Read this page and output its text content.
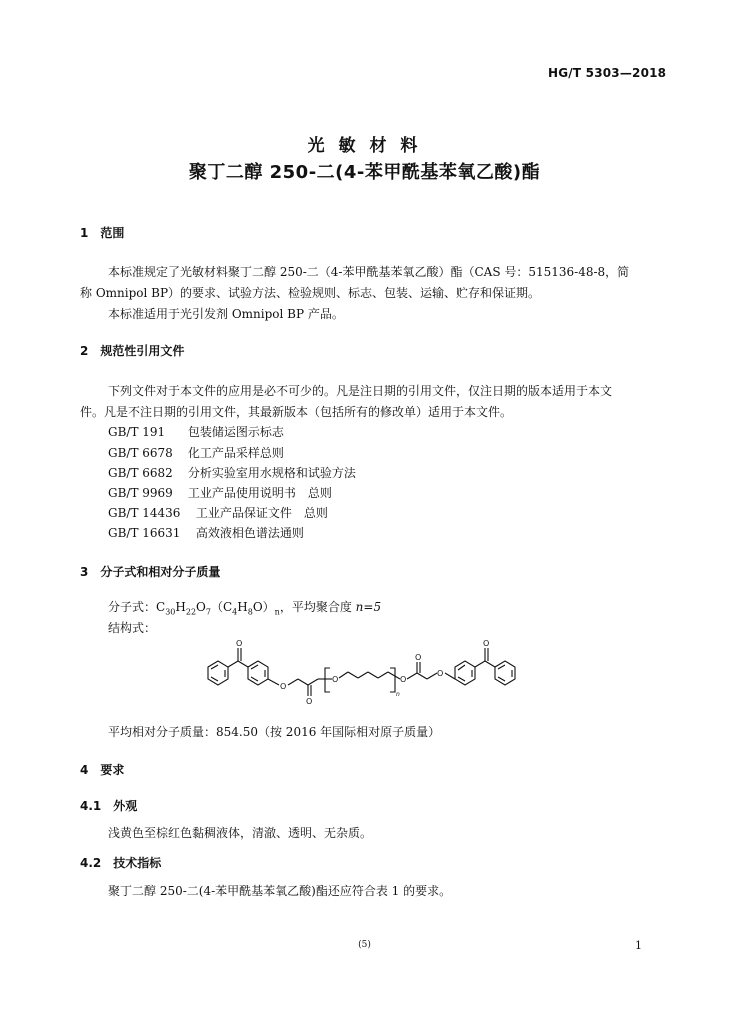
HG/T 5303—2018
光 敏 材 料
聚丁二醇 250-二(4-苯甲酰基苯氧乙酸)酯
1　范围
本标准规定了光敏材料聚丁二醇 250-二（4-苯甲酰基苯氧乙酸）酯（CAS 号：515136-48-8，简
称 Omnipol BP）的要求、试验方法、检验规则、标志、包装、运输、贮存和保证期。
本标准适用于光引发剂 Omnipol BP 产品。
2　规范性引用文件
下列文件对于本文件的应用是必不可少的。凡是注日期的引用文件，仅注日期的版本适用于本文
件。凡是不注日期的引用文件，其最新版本（包括所有的修改单）适用于本文件。
GB/T 191 包装储运图示标志
GB/T 6678 化工产品采样总则
GB/T 6682 分析实验室用水规格和试验方法
GB/T 9969 工业产品使用说明书　总则
GB/T 14436 工业产品保证文件　总则
GB/T 16631 高效液相色谱法通则
3　分子式和相对分子质量
分子式：$C_{30}H_{22}O_7(C_4H_8O)_n$，平均聚合度 n=5
结构式：
O
O
O
O
n
O
O
O
O
平均相对分子质量：854.50（按 2016 年国际相对原子质量）
4　要求
4.1　外观
浅黄色至棕红色黏稠液体，清澈、透明、无杂质。
4.2　技术指标
聚丁二醇 250-二(4-苯甲酰基苯氧乙酸)酯还应符合表 1 的要求。
(5)	1
